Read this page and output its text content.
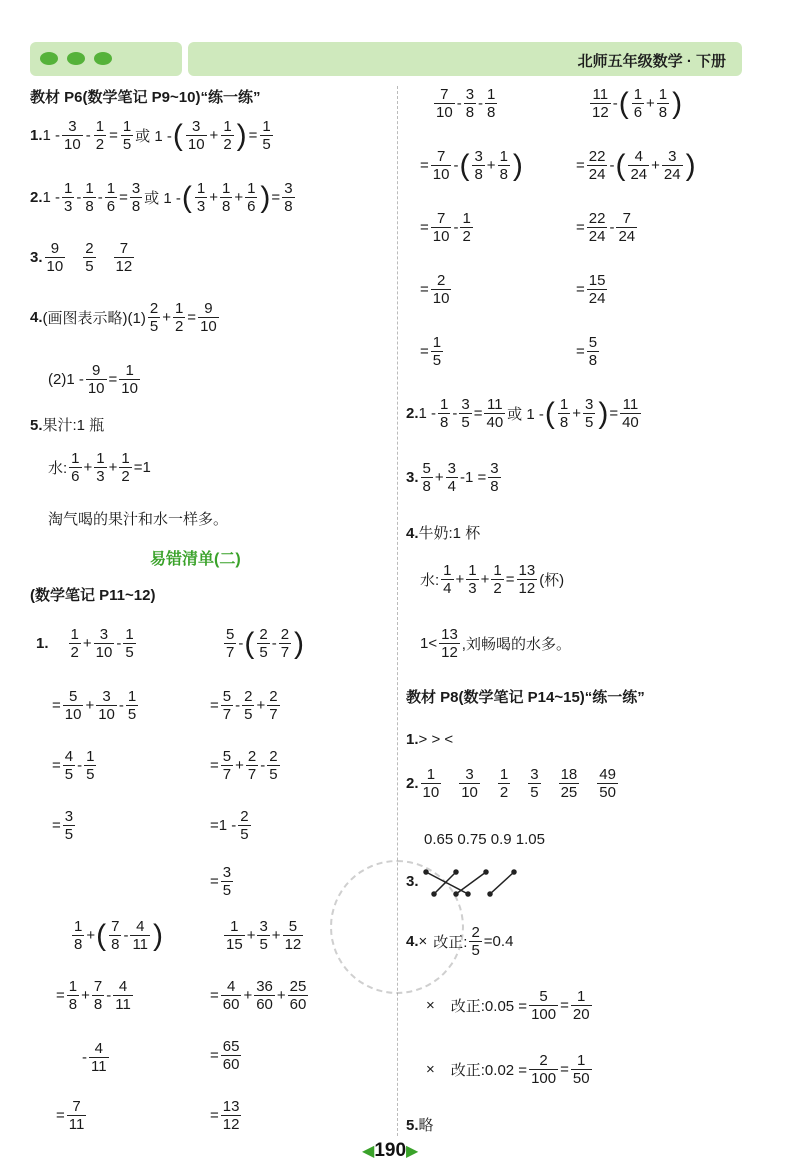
北师五年级数学 · 下册
教材 P6(数学笔记 P9~10)“练一练”
1. 1 -
3
10
- $\frac{1}{2} = \frac{1}{5}$ 或 1 - ( 3
10
+ $\frac{1}{2}$ ) = $\frac{1}{5}$
2. 1 -
1
3
-
1
8
-
1
6
=
3
8 或 1 - ( 1
3
+
1
8
+
1
6 ) =
3
8
3.
9
10
2
5
7
12
4. (画图表示略)(1)
2
5
+
1
2
=
9
10
(2)1 -
9
10
=
1
10
5.果汁:1 瓶
水:
1
6
+
1
3
+ $\frac{1}{2} =1$
淘气喝的果汁和水一样多。
易错清单(二)
(数学笔记 P11~12)
1.
1
2
+
3
10
-
1
5
=
5
10
+
3
10
-
1
5
=
4
5
-
1
5
=
3
5
5
7
- ( 2
5
-
2
7 )
=
5
7
-
2
5
+
2
7
=
5
7
+
2
7
-
2
5
=1 -
2
5
=
3
5
1
8
+ ( 7
8
-
4
11 )
=
1
8
+
7
8
-
4
11
-
4
11
=
7
11
1
15
+
3
5
+
5
12
=
4
60
+
36
60
+
25
60
=
65
60
=
13
12
7
10
-
3
8
-
1
8
=
7
10
- ( 3
8
+
1
8 )
=
7
10
-
1
2
=
2
10
=
1
5
11
12
- ( 1
6
+
1
8 )
=
22
24
- ( 4
24
+
3
24 )
=
22
24
-
7
24
=
15
24
=
5
8
2. 1 -
1
8
-
3
5
=
11
40 或 1 - ( 1
8
+
3
5 ) =
11
40
3.
5
8
+
3
4
$-1 = \frac{3}{8}$
4.牛奶:1 杯
水:
1
4
+
1
3
+
1
2
=
13
12 (杯)
1<
13
12 ,刘畅喝的水多。
教材 P8(数学笔记 P14~15)“练一练”
1.> > <
2.
1
10
3
10
1
2
3
5
18
25
49
50
0.65 0.75 0.9 1.05
3.
4. × 改正: $\frac{2}{5} =0.4$
× 改正:0.05 = $\frac{5}{100}$ =
1
20
× 改正:0.02 = $\frac{2}{100}$ =
1
50
5.略
◀190▶
